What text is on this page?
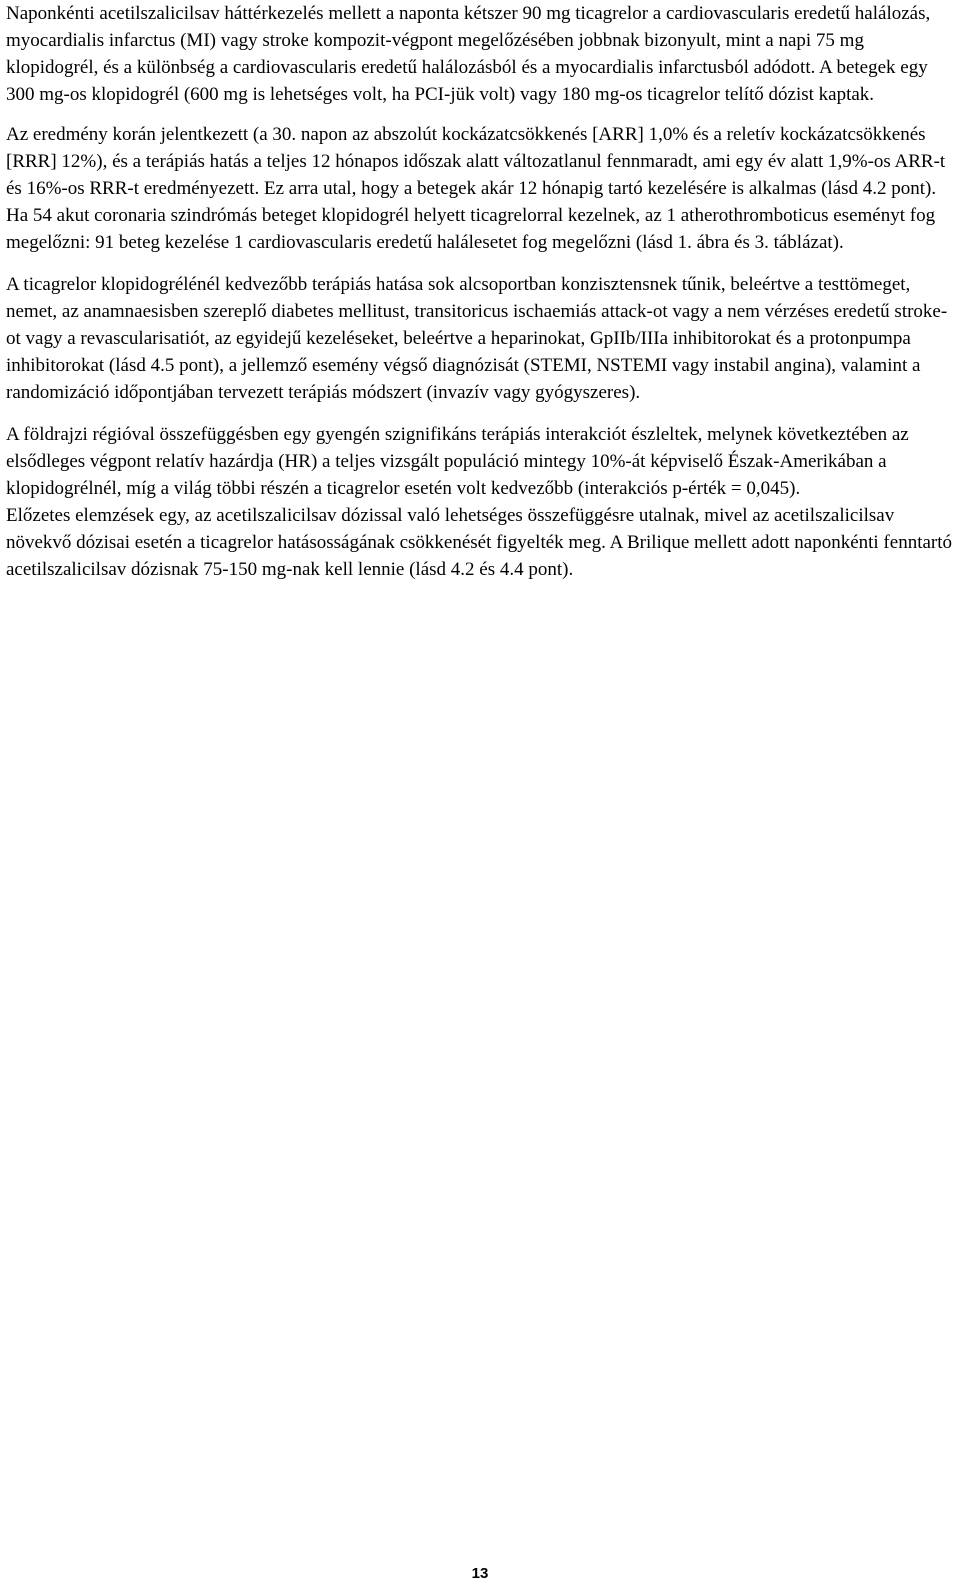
Naponkénti acetilszalicilsav háttérkezelés mellett a naponta kétszer 90 mg ticagrelor a cardiovascularis eredetű halálozás, myocardialis infarctus (MI) vagy stroke kompozit-végpont megelőzésében jobbnak bizonyult, mint a napi 75 mg klopidogrél, és a különbség a cardiovascularis eredetű halálozásból és a myocardialis infarctusból adódott. A betegek egy 300 mg-os klopidogrél (600 mg is lehetséges volt, ha PCI-jük volt) vagy 180 mg-os ticagrelor telítő dózist kaptak.

Az eredmény korán jelentkezett (a 30. napon az abszolút kockázatcsökkenés [ARR] 1,0% és a reletív kockázatcsökkenés [RRR] 12%), és a terápiás hatás a teljes 12 hónapos időszak alatt változatlanul fennmaradt, ami egy év alatt 1,9%-os ARR-t és 16%-os RRR-t eredményezett. Ez arra utal, hogy a betegek akár 12 hónapig tartó kezelésére is alkalmas (lásd 4.2 pont). Ha 54 akut coronaria szindrómás beteget klopidogrél helyett ticagrelorral kezelnek, az 1 atherothromboticus eseményt fog megelőzni: 91 beteg kezelése 1 cardiovascularis eredetű halálesetet fog megelőzni (lásd 1. ábra és 3. táblázat).

A ticagrelor klopidogrélénél kedvezőbb terápiás hatása sok alcsoportban konzisztensnek tűnik, beleértve a testtömeget, nemet, az anamnaesisben szereplő diabetes mellitust, transitoricus ischaemiás attack-ot vagy a nem vérzéses eredetű stroke-ot vagy a revascularisatiót, az egyidejű kezeléseket, beleértve a heparinokat, GpIIb/IIIa inhibitorokat és a protonpumpa inhibitorokat (lásd 4.5 pont), a jellemző esemény végső diagnózisát (STEMI, NSTEMI vagy instabil angina), valamint a randomizáció időpontjában tervezett terápiás módszert (invazív vagy gyógyszeres).

A földrajzi régióval összefüggésben egy gyengén szignifikáns terápiás interakciót észleltek, melynek következtében az elsődleges végpont relatív hazárdja (HR) a teljes vizsgált populáció mintegy 10%-át képviselő Észak-Amerikában a klopidogrélnél, míg a világ többi részén a ticagrelor esetén volt kedvezőbb (interakciós p-érték = 0,045).

Előzetes elemzések egy, az acetilszalicilsav dózissal való lehetséges összefüggésre utalnak, mivel az acetilszalicilsav növekvő dózisai esetén a ticagrelor hatásosságának csökkenését figyelték meg. A Brilique mellett adott naponkénti fenntartó acetilszalicilsav dózisnak 75-150 mg-nak kell lennie (lásd 4.2 és 4.4 pont).

13
